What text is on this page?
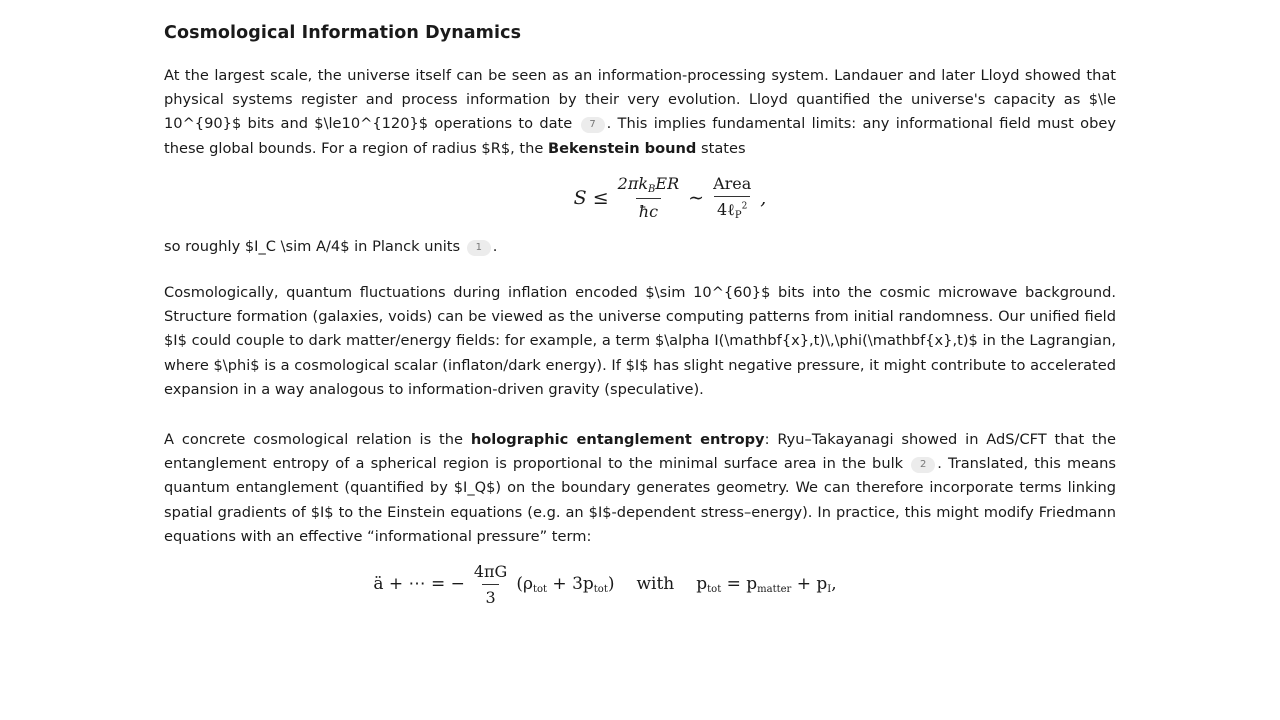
Cosmological Information Dynamics

At the largest scale, the universe itself can be seen as an information-processing system. Landauer and later Lloyd showed that physical systems register and process information by their very evolution. Lloyd quantified the universe's capacity as $\le 10^{90}$ bits and $\le10^{120}$ operations to date 7 . This implies fundamental limits: any informational field must obey these global bounds. For a region of radius $R$, the Bekenstein bound states

$S \le \frac{2\pi k_BER}{ħc}$ ∼ $\frac{\text{Area}}{4\ell_P^2}$ ,

so roughly $I_C \sim A/4$ in Planck units 1 .

Cosmologically, quantum fluctuations during inflation encoded $\sim 10^{60}$ bits into the cosmic microwave background. Structure formation (galaxies, voids) can be viewed as the universe computing patterns from initial randomness. Our unified field $I$ could couple to dark matter/energy fields: for example, a term $\alpha I(\mathbf{x},t)\,\phi(\mathbf{x},t)$ in the Lagrangian, where $\phi$ is a cosmological scalar (inflaton/dark energy). If $I$ has slight negative pressure, it might contribute to accelerated expansion in a way analogous to information-driven gravity (speculative).

A concrete cosmological relation is the holographic entanglement entropy: Ryu–Takayanagi showed in AdS/CFT that the entanglement entropy of a spherical region is proportional to the minimal surface area in the bulk 2 . Translated, this means quantum entanglement (quantified by $I_Q$) on the boundary generates geometry. We can therefore incorporate terms linking spatial gradients of $I$ to the Einstein equations (e.g. an $I$-dependent stress–energy). In practice, this might modify Friedmann equations with an effective “informational pressure” term:

ä + ⋯ = − $\frac{4\pi G}{3} (\rho_{tot} + 3p_{tot})$ with $p_{tot} = p_{matter} + p_I$,
